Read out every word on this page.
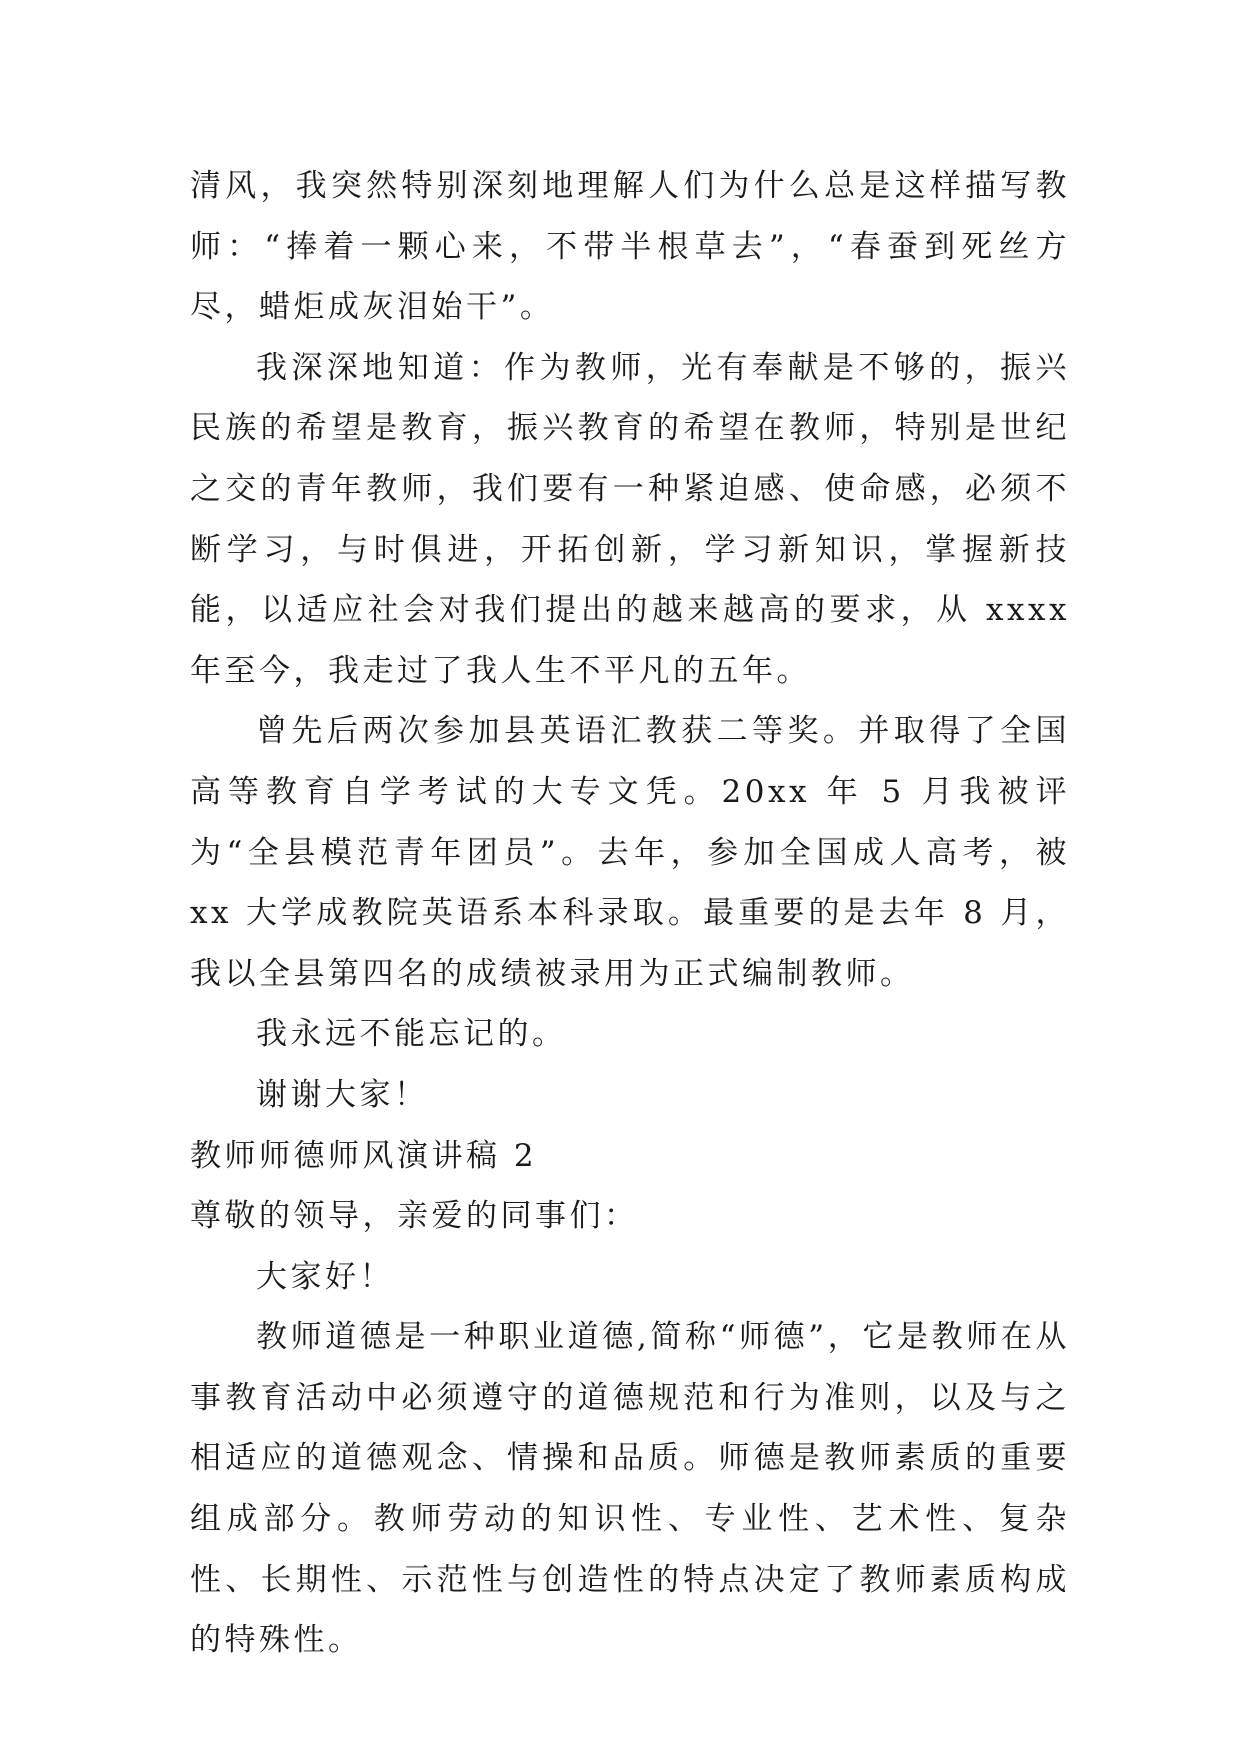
清风，我突然特别深刻地理解人们为什么总是这样描写教师：“捧着一颗心来，不带半根草去”，“春蚕到死丝方尽，蜡炬成灰泪始干”。

我深深地知道：作为教师，光有奉献是不够的，振兴民族的希望是教育，振兴教育的希望在教师，特别是世纪之交的青年教师，我们要有一种紧迫感、使命感，必须不断学习，与时俱进，开拓创新，学习新知识，掌握新技能，以适应社会对我们提出的越来越高的要求，从 xxxx 年至今，我走过了我人生不平凡的五年。

曾先后两次参加县英语汇教获二等奖。并取得了全国高等教育自学考试的大专文凭。20xx 年 5 月我被评为“全县模范青年团员”。去年，参加全国成人高考，被 xx 大学成教院英语系本科录取。最重要的是去年 8 月，我以全县第四名的成绩被录用为正式编制教师。

我永远不能忘记的。

谢谢大家！

教师师德师风演讲稿 2

尊敬的领导，亲爱的同事们：

大家好！

教师道德是一种职业道德,简称“师德”，它是教师在从事教育活动中必须遵守的道德规范和行为准则，以及与之相适应的道德观念、情操和品质。师德是教师素质的重要组成部分。教师劳动的知识性、专业性、艺术性、复杂性、长期性、示范性与创造性的特点决定了教师素质构成的特殊性。
